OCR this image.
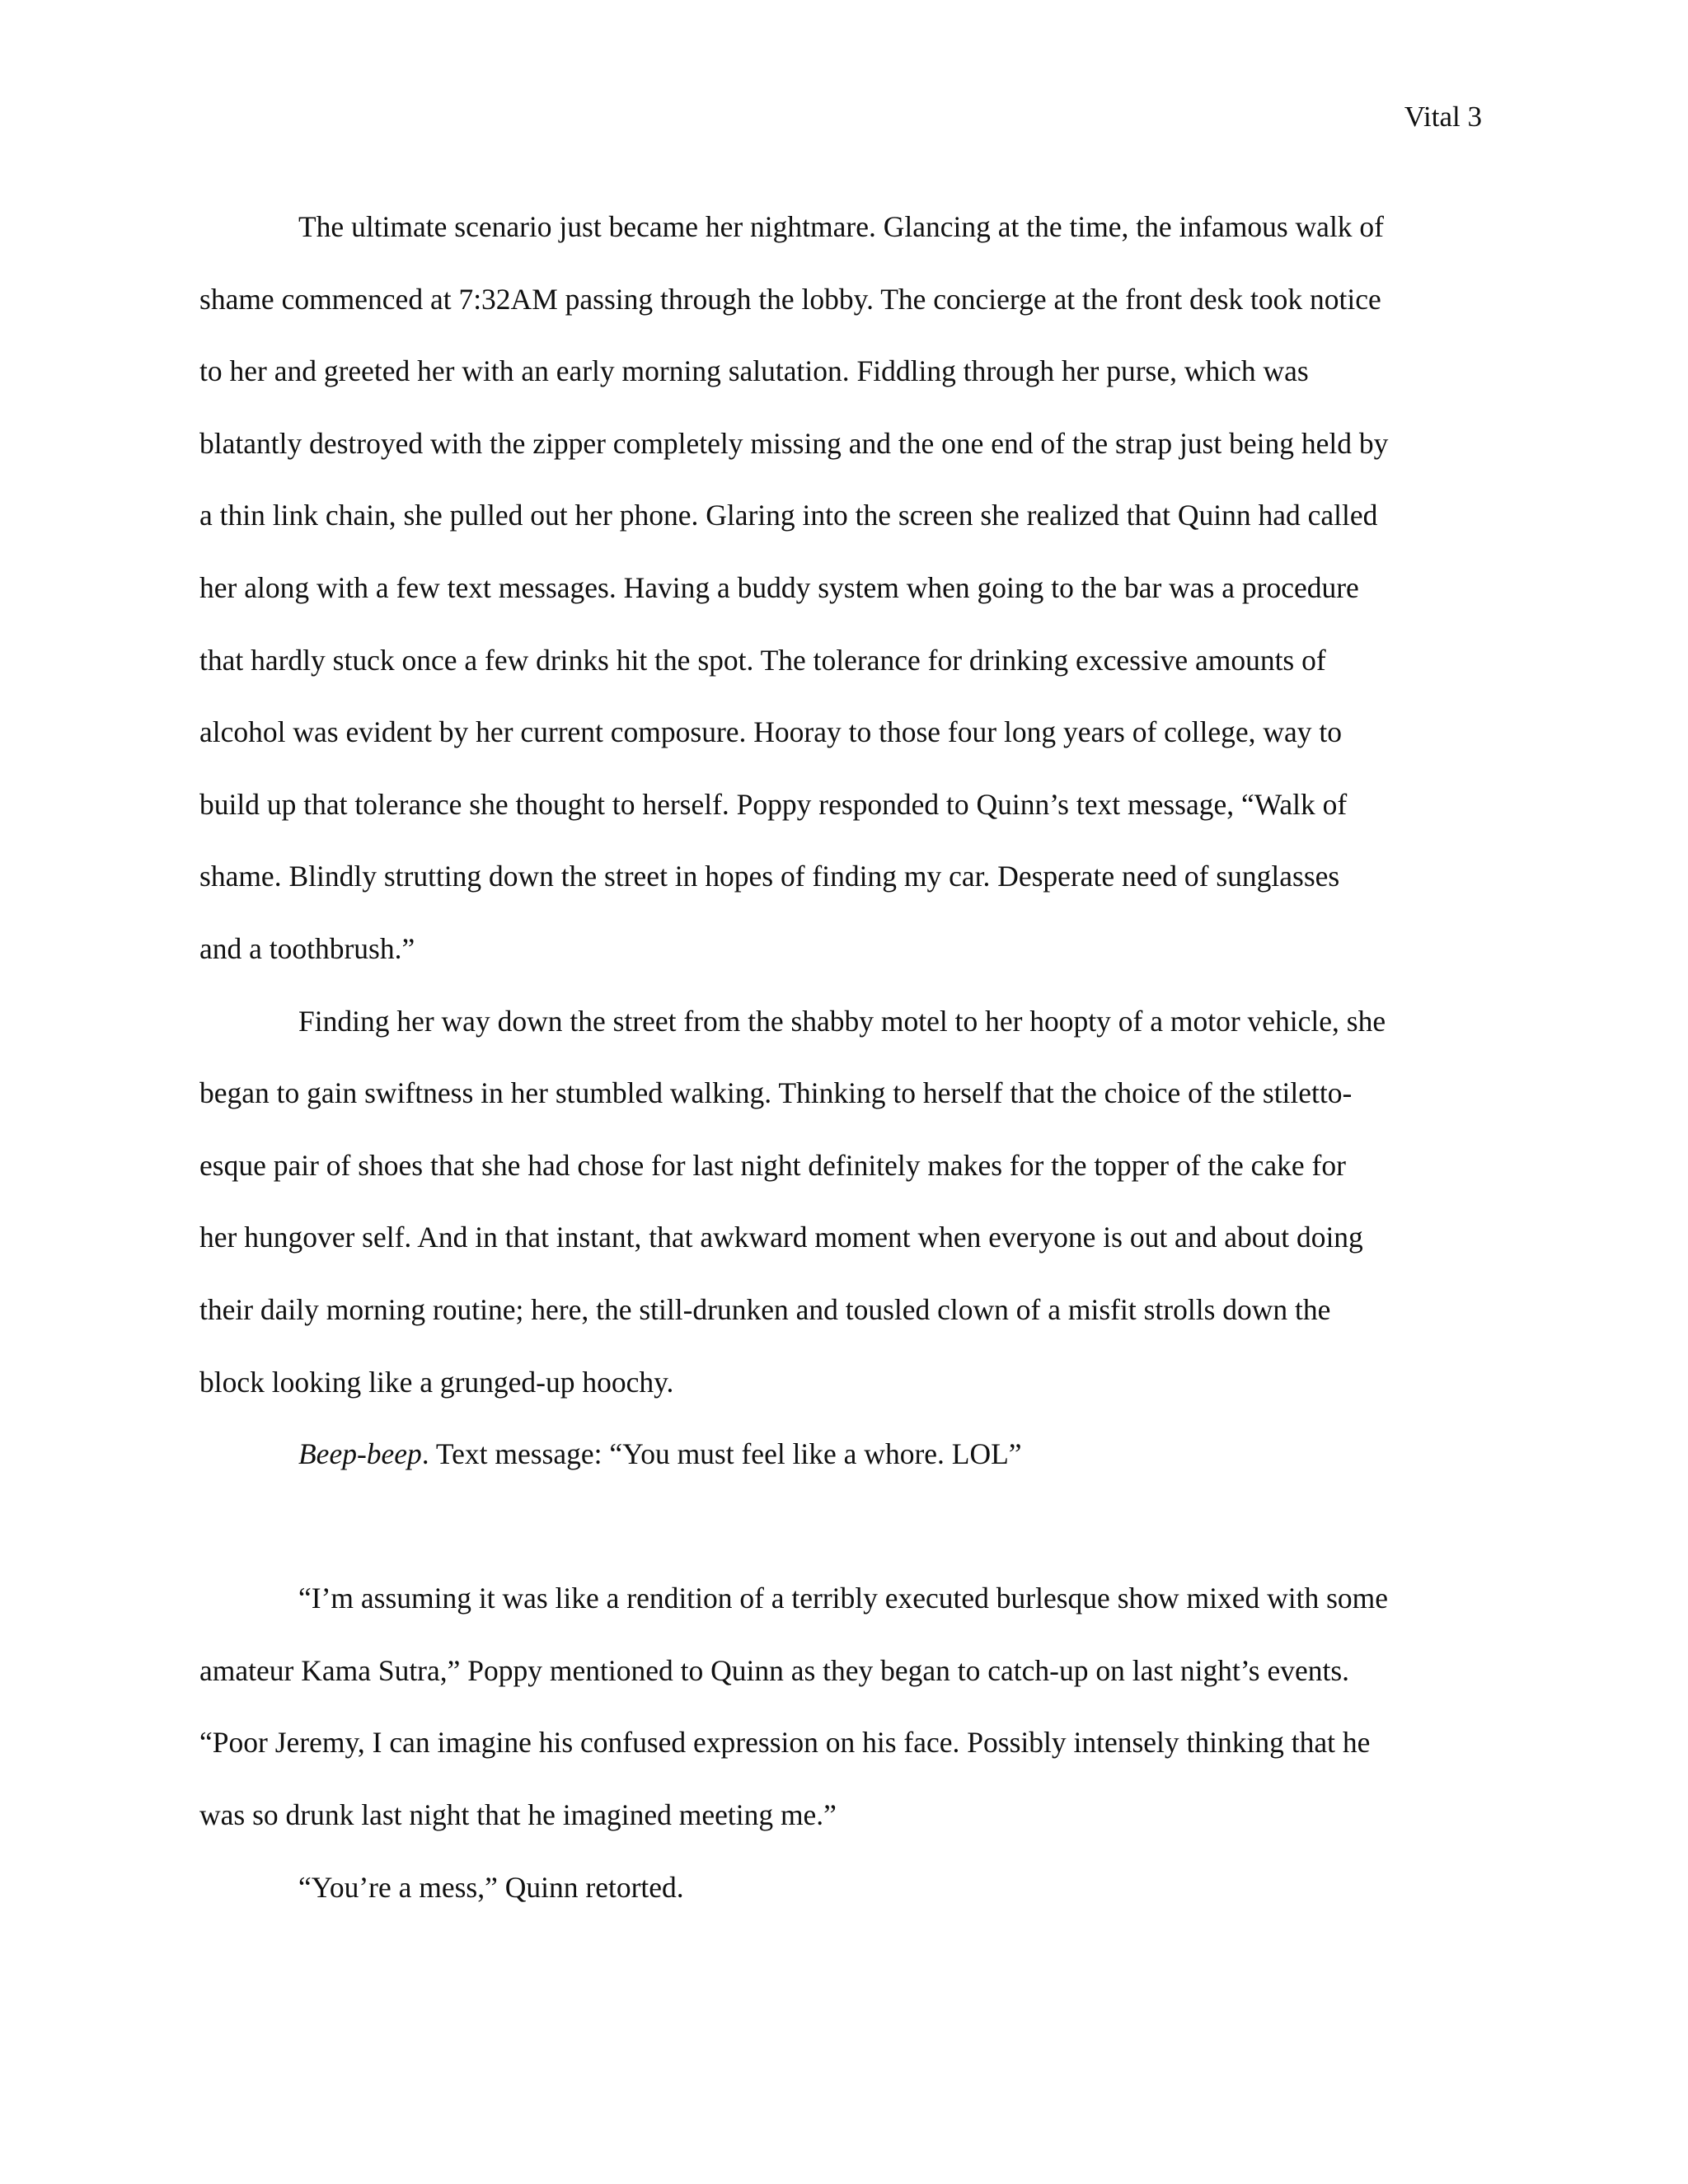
Vital 3

The ultimate scenario just became her nightmare. Glancing at the time, the infamous walk of
shame commenced at 7:32AM passing through the lobby. The concierge at the front desk took notice
to her and greeted her with an early morning salutation. Fiddling through her purse, which was
blatantly destroyed with the zipper completely missing and the one end of the strap just being held by
a thin link chain, she pulled out her phone. Glaring into the screen she realized that Quinn had called
her along with a few text messages. Having a buddy system when going to the bar was a procedure
that hardly stuck once a few drinks hit the spot. The tolerance for drinking excessive amounts of
alcohol was evident by her current composure. Hooray to those four long years of college, way to
build up that tolerance she thought to herself. Poppy responded to Quinn’s text message, “Walk of
shame. Blindly strutting down the street in hopes of finding my car. Desperate need of sunglasses
and a toothbrush.”

Finding her way down the street from the shabby motel to her hoopty of a motor vehicle, she
began to gain swiftness in her stumbled walking. Thinking to herself that the choice of the stiletto-
esque pair of shoes that she had chose for last night definitely makes for the topper of the cake for
her hungover self. And in that instant, that awkward moment when everyone is out and about doing
their daily morning routine; here, the still-drunken and tousled clown of a misfit strolls down the
block looking like a grunged-up hoochy.

Beep-beep. Text message: “You must feel like a whore. LOL”

“I’m assuming it was like a rendition of a terribly executed burlesque show mixed with some
amateur Kama Sutra,” Poppy mentioned to Quinn as they began to catch-up on last night’s events.
“Poor Jeremy, I can imagine his confused expression on his face. Possibly intensely thinking that he
was so drunk last night that he imagined meeting me.”

“You’re a mess,” Quinn retorted.
